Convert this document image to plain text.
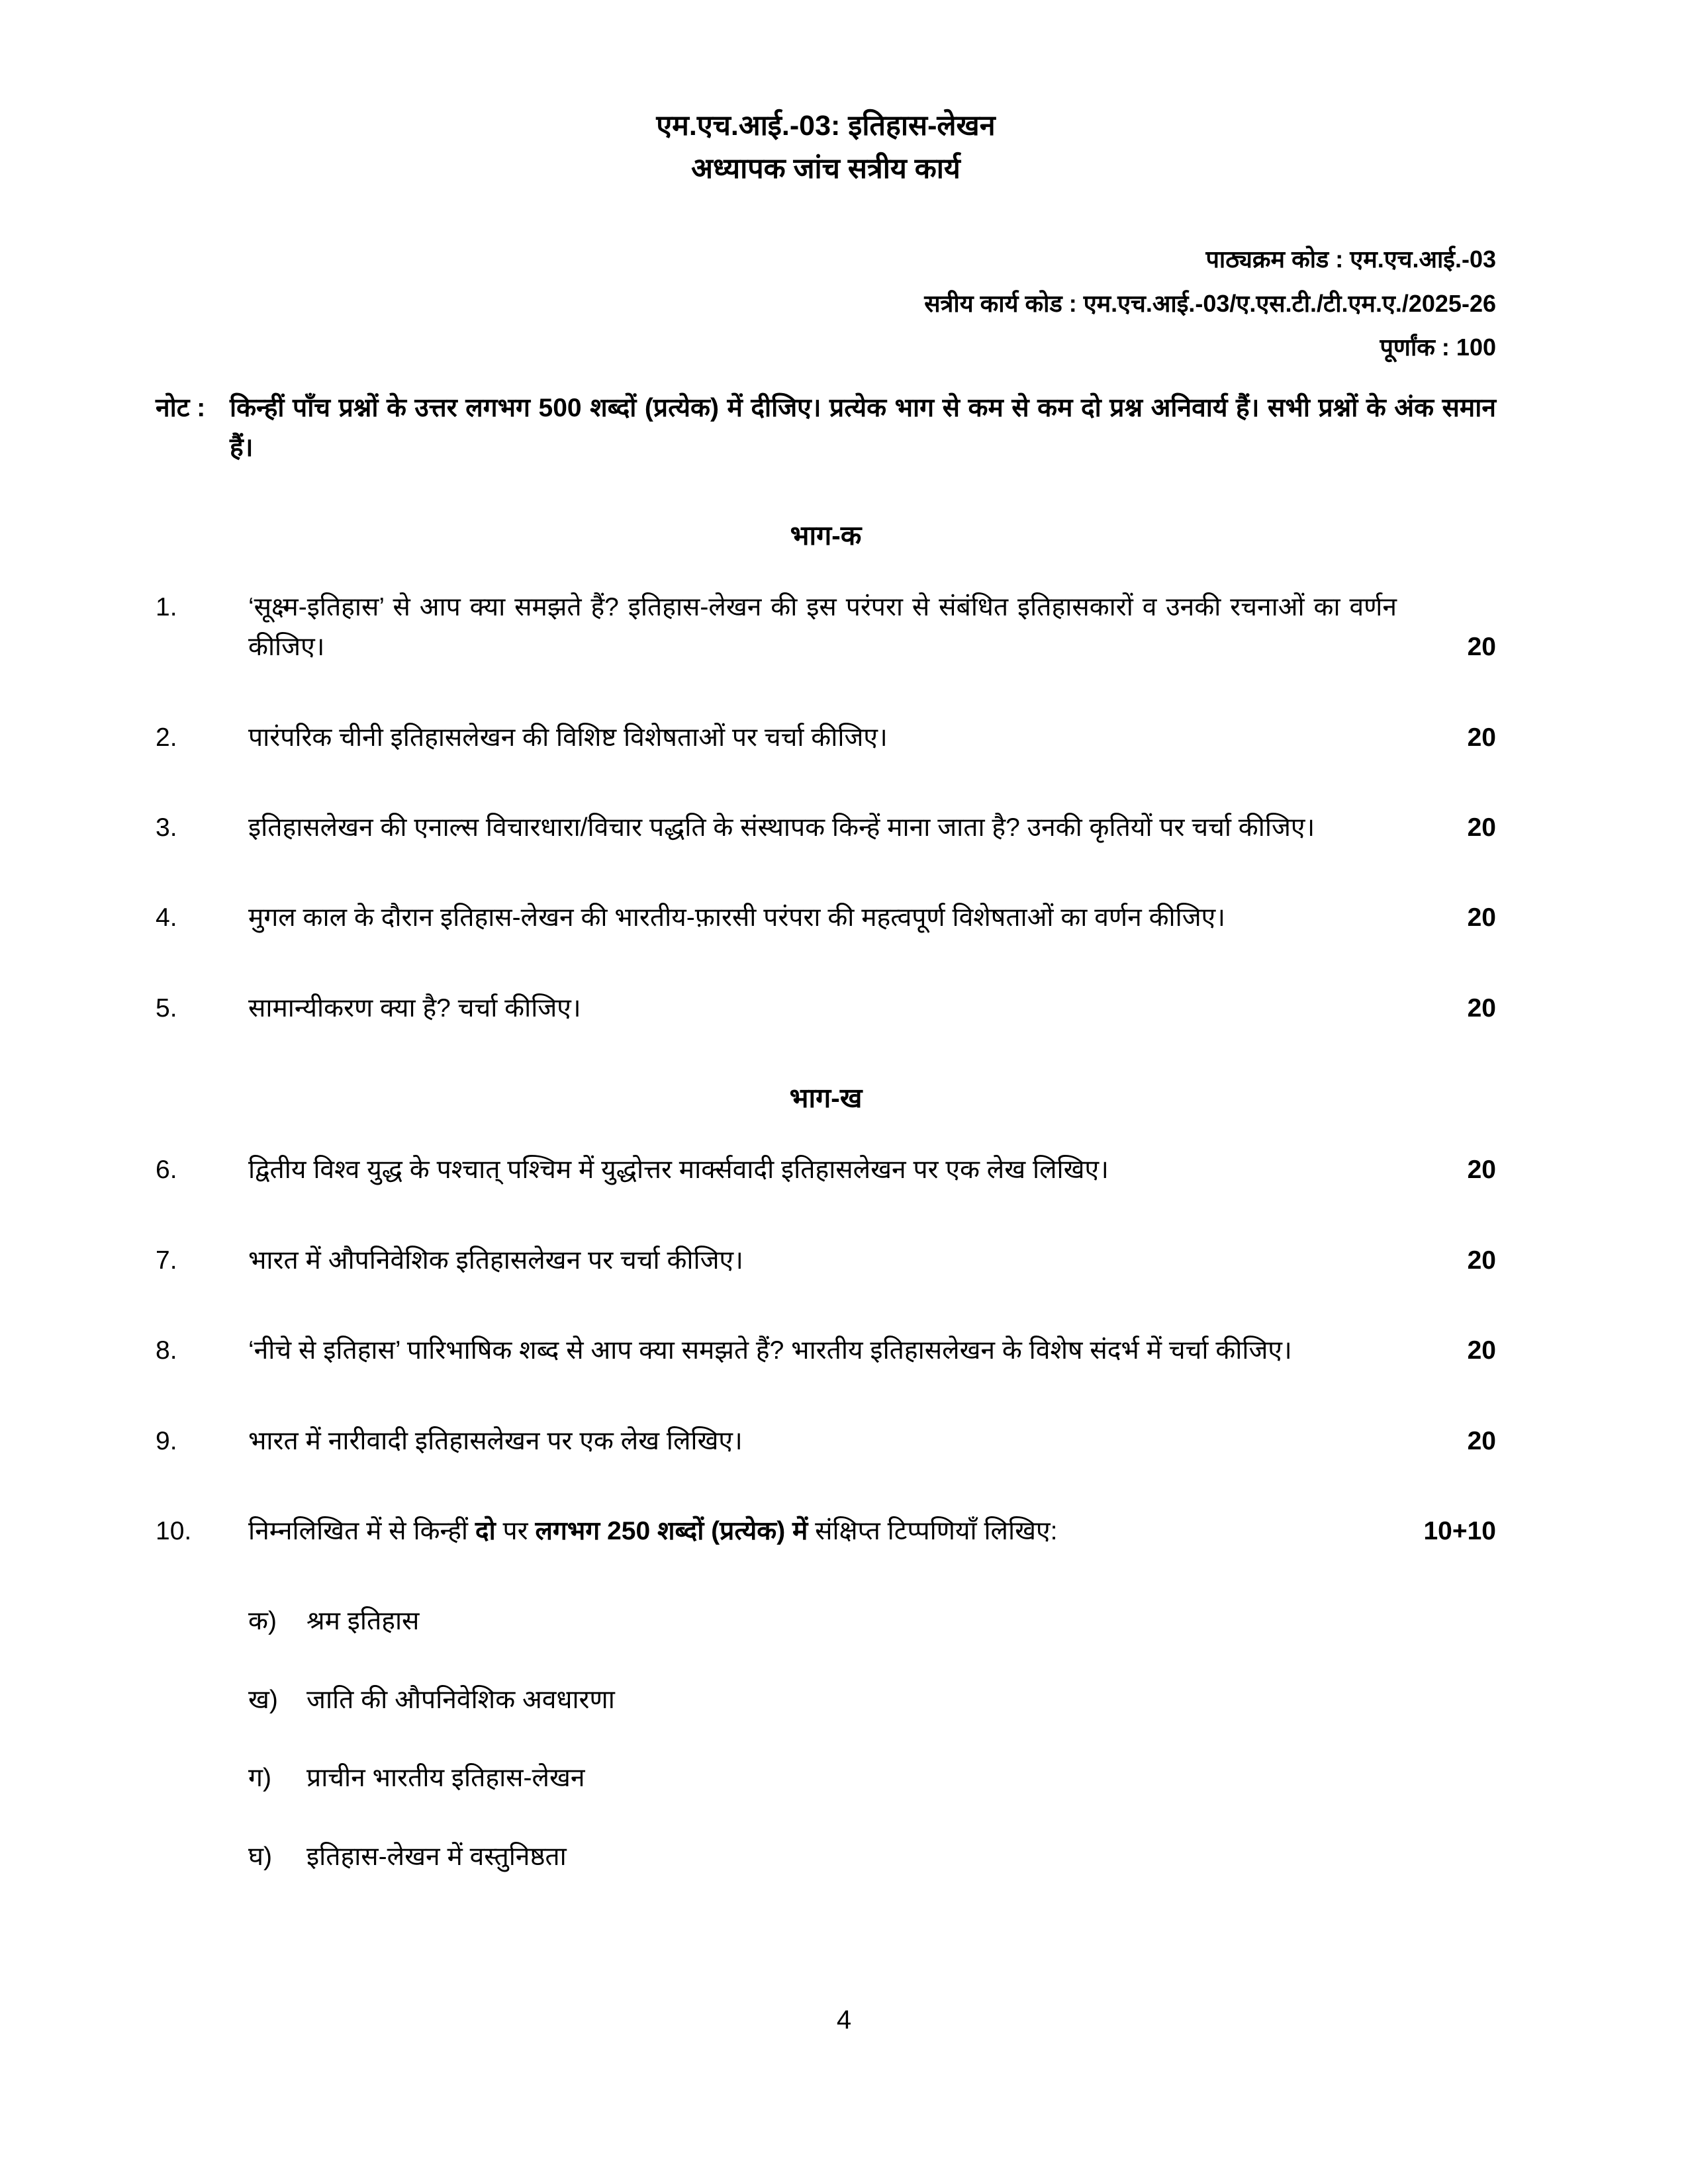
एम.एच.आई.-03: इतिहास-लेखन
अध्यापक जांच सत्रीय कार्य
पाठ्यक्रम कोड : एम.एच.आई.-03
सत्रीय कार्य कोड : एम.एच.आई.-03/ए.एस.टी./टी.एम.ए./2025-26
पूर्णांक : 100
नोट : किन्हीं पाँच प्रश्नों के उत्तर लगभग 500 शब्दों (प्रत्येक) में दीजिए। प्रत्येक भाग से कम से कम दो प्रश्न अनिवार्य हैं। सभी प्रश्नों के अंक समान हैं।
भाग-क
1.	‘सूक्ष्म-इतिहास’ से आप क्या समझते हैं? इतिहास-लेखन की इस परंपरा से संबंधित इतिहासकारों व उनकी रचनाओं का वर्णन कीजिए।	20
2.	पारंपरिक चीनी इतिहासलेखन की विशिष्ट विशेषताओं पर चर्चा कीजिए।	20
3.	इतिहासलेखन की एनाल्स विचारधारा/विचार पद्धति के संस्थापक किन्हें माना जाता है? उनकी कृतियों पर चर्चा कीजिए।	20
4.	मुगल काल के दौरान इतिहास-लेखन की भारतीय-फ़ारसी परंपरा की महत्वपूर्ण विशेषताओं का वर्णन कीजिए।	20
5.	सामान्यीकरण क्या है? चर्चा कीजिए।	20
भाग-ख
6.	द्वितीय विश्व युद्ध के पश्चात् पश्चिम में युद्धोत्तर मार्क्सवादी इतिहासलेखन पर एक लेख लिखिए।	20
7.	भारत में औपनिवेशिक इतिहासलेखन पर चर्चा कीजिए।	20
8.	‘नीचे से इतिहास’ पारिभाषिक शब्द से आप क्या समझते हैं? भारतीय इतिहासलेखन के विशेष संदर्भ में चर्चा कीजिए।	20
9.	भारत में नारीवादी इतिहासलेखन पर एक लेख लिखिए।	20
10.	निम्नलिखित में से किन्हीं दो पर लगभग 250 शब्दों (प्रत्येक) में संक्षिप्त टिप्पणियाँ लिखिए:	10+10
क)	श्रम इतिहास
ख)	जाति की औपनिवेशिक अवधारणा
ग)	प्राचीन भारतीय इतिहास-लेखन
घ)	इतिहास-लेखन में वस्तुनिष्ठता
4
